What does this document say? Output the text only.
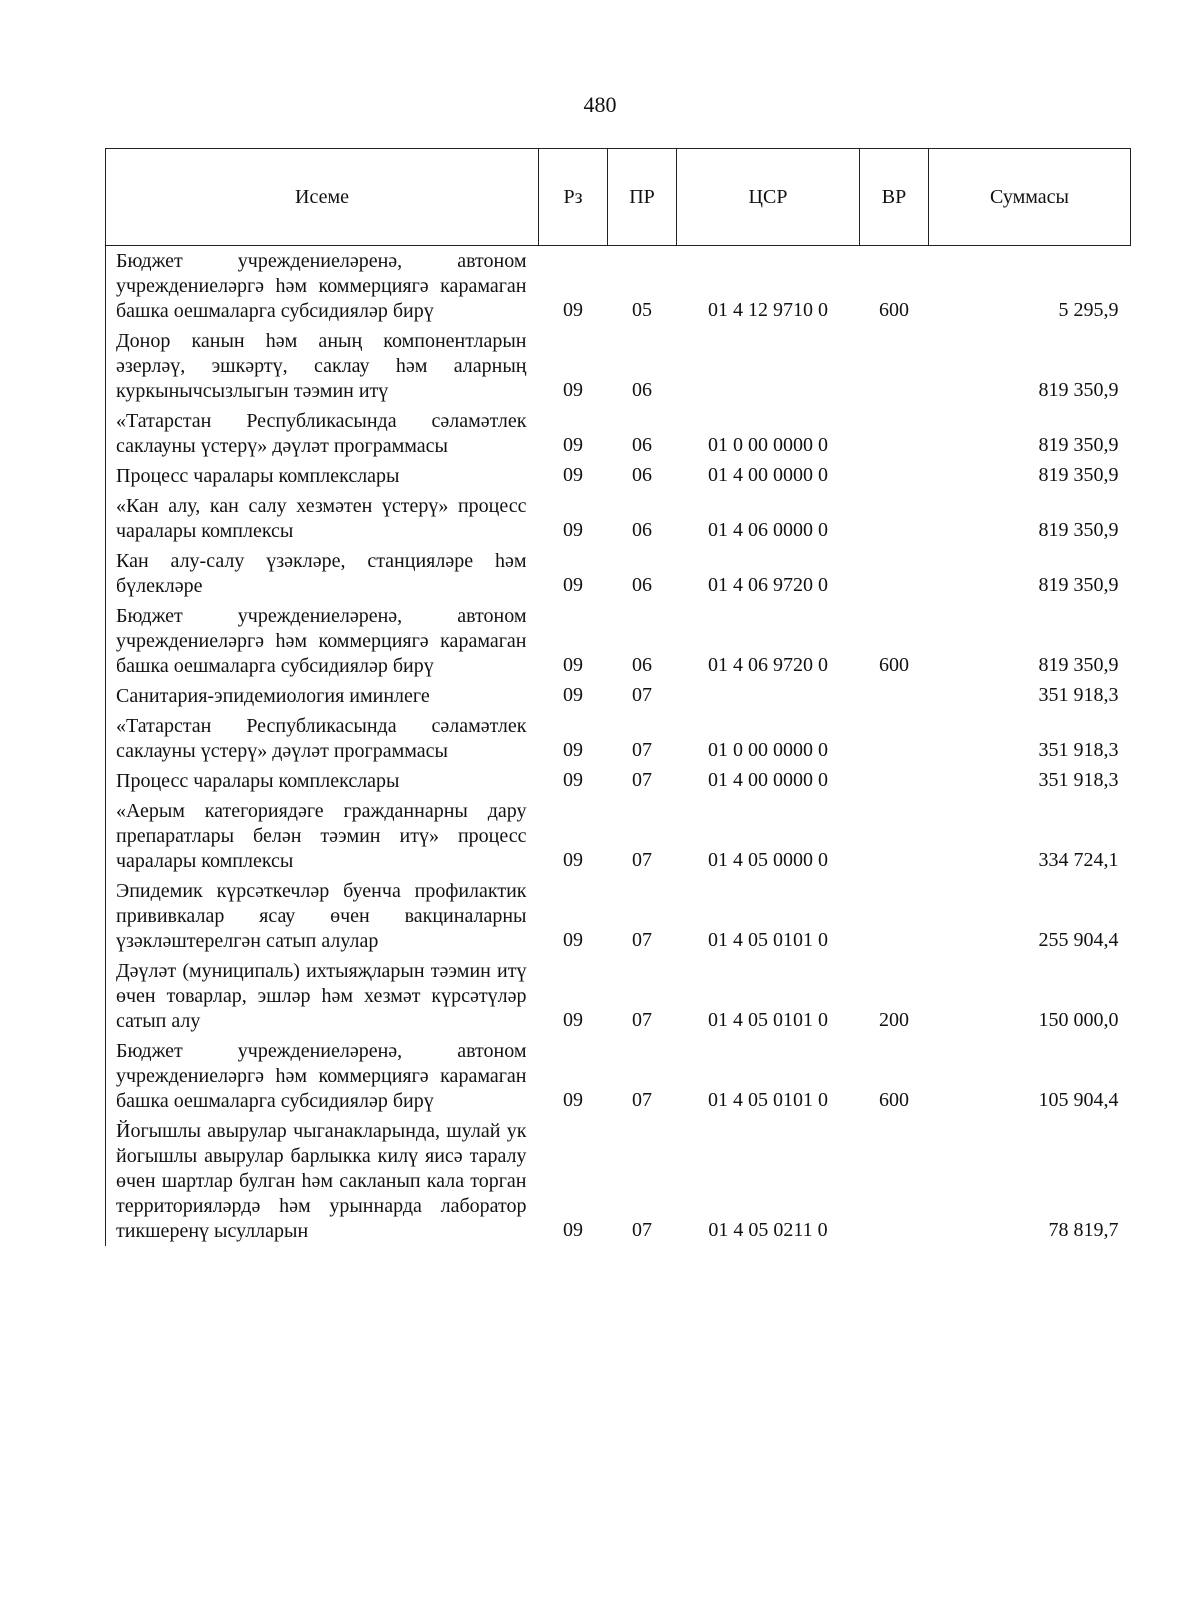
480
Исеме	Рз	ПР	ЦСР	ВР	Суммасы
Бюджет учреждениеләренә, автоном учреждениеләргә һәм коммерциягә карамаган башка оешмаларга субсидияләр бирү	09	05	01 4 12 9710 0	600	5 295,9
Донор канын һәм аның компонентларын әзерләү, эшкәртү, саклау һәм аларның куркынычсызлыгын тәэмин итү	09	06			819 350,9
«Татарстан Республикасында сәламәтлек саклауны үстерү» дәүләт программасы	09	06	01 0 00 0000 0		819 350,9
Процесс чаралары комплекслары	09	06	01 4 00 0000 0		819 350,9
«Кан алу, кан салу хезмәтен үстерү» процесс чаралары комплексы	09	06	01 4 06 0000 0		819 350,9
Кан алу-салу үзәкләре, станцияләре һәм бүлекләре	09	06	01 4 06 9720 0		819 350,9
Бюджет учреждениеләренә, автоном учреждениеләргә һәм коммерциягә карамаган башка оешмаларга субсидияләр бирү	09	06	01 4 06 9720 0	600	819 350,9
Санитария-эпидемиология иминлеге	09	07			351 918,3
«Татарстан Республикасында сәламәтлек саклауны үстерү» дәүләт программасы	09	07	01 0 00 0000 0		351 918,3
Процесс чаралары комплекслары	09	07	01 4 00 0000 0		351 918,3
«Аерым категориядәге гражданнарны дару препаратлары белән тәэмин итү» процесс чаралары комплексы	09	07	01 4 05 0000 0		334 724,1
Эпидемик күрсәткечләр буенча профилактик прививкалар ясау өчен вакциналарны үзәкләштерелгән сатып алулар	09	07	01 4 05 0101 0		255 904,4
Дәүләт (муниципаль) ихтыяҗларын тәэмин итү өчен товарлар, эшләр һәм хезмәт күрсәтүләр сатып алу	09	07	01 4 05 0101 0	200	150 000,0
Бюджет учреждениеләренә, автоном учреждениеләргә һәм коммерциягә карамаган башка оешмаларга субсидияләр бирү	09	07	01 4 05 0101 0	600	105 904,4
Йогышлы авырулар чыганакларында, шулай ук йогышлы авырулар барлыкка килү яисә таралу өчен шартлар булган һәм сакланып кала торган территорияләрдә һәм урыннарда лаборатор тикшеренү ысулларын	09	07	01 4 05 0211 0		78 819,7
